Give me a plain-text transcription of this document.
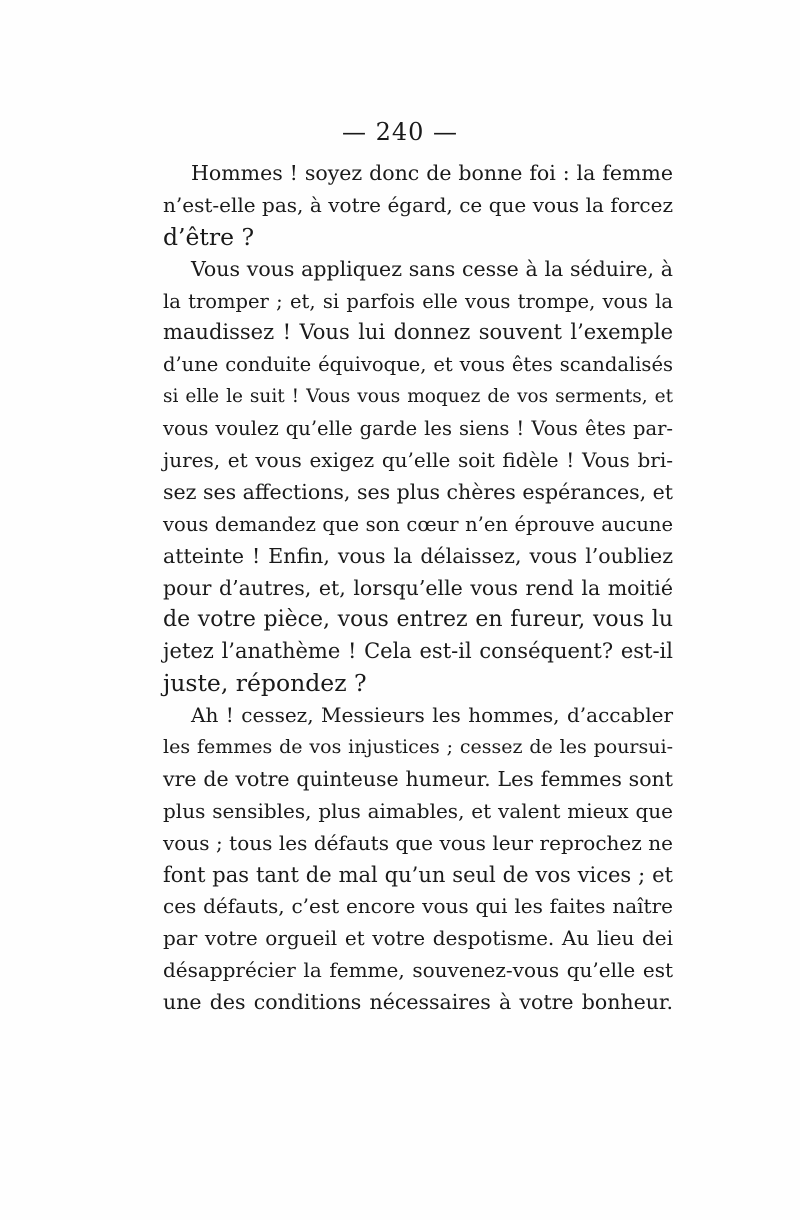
— 240 —
Hommes ! soyez donc de bonne foi : la femme
n’est-elle pas, à votre égard, ce que vous la forcez
d’être ?
Vous vous appliquez sans cesse à la séduire, à
la tromper ; et, si parfois elle vous trompe, vous la
maudissez ! Vous lui donnez souvent l’exemple
d’une conduite équivoque, et vous êtes scandalisés
si elle le suit ! Vous vous moquez de vos serments, et
vous voulez qu’elle garde les siens ! Vous êtes par-
jures, et vous exigez qu’elle soit fidèle ! Vous bri-
sez ses affections, ses plus chères espérances, et
vous demandez que son cœur n’en éprouve aucune
atteinte ! Enfin, vous la délaissez, vous l’oubliez
pour d’autres, et, lorsqu’elle vous rend la moitié
de votre pièce, vous entrez en fureur, vous lu
jetez l’anathème ! Cela est-il conséquent? est-il
juste, répondez ?
Ah ! cessez, Messieurs les hommes, d’accabler
les femmes de vos injustices ; cessez de les poursui-
vre de votre quinteuse humeur. Les femmes sont
plus sensibles, plus aimables, et valent mieux que
vous ; tous les défauts que vous leur reprochez ne
font pas tant de mal qu’un seul de vos vices ; et
ces défauts, c’est encore vous qui les faites naître
par votre orgueil et votre despotisme. Au lieu dei
désapprécier la femme, souvenez-vous qu’elle est
une des conditions nécessaires à votre bonheur.
